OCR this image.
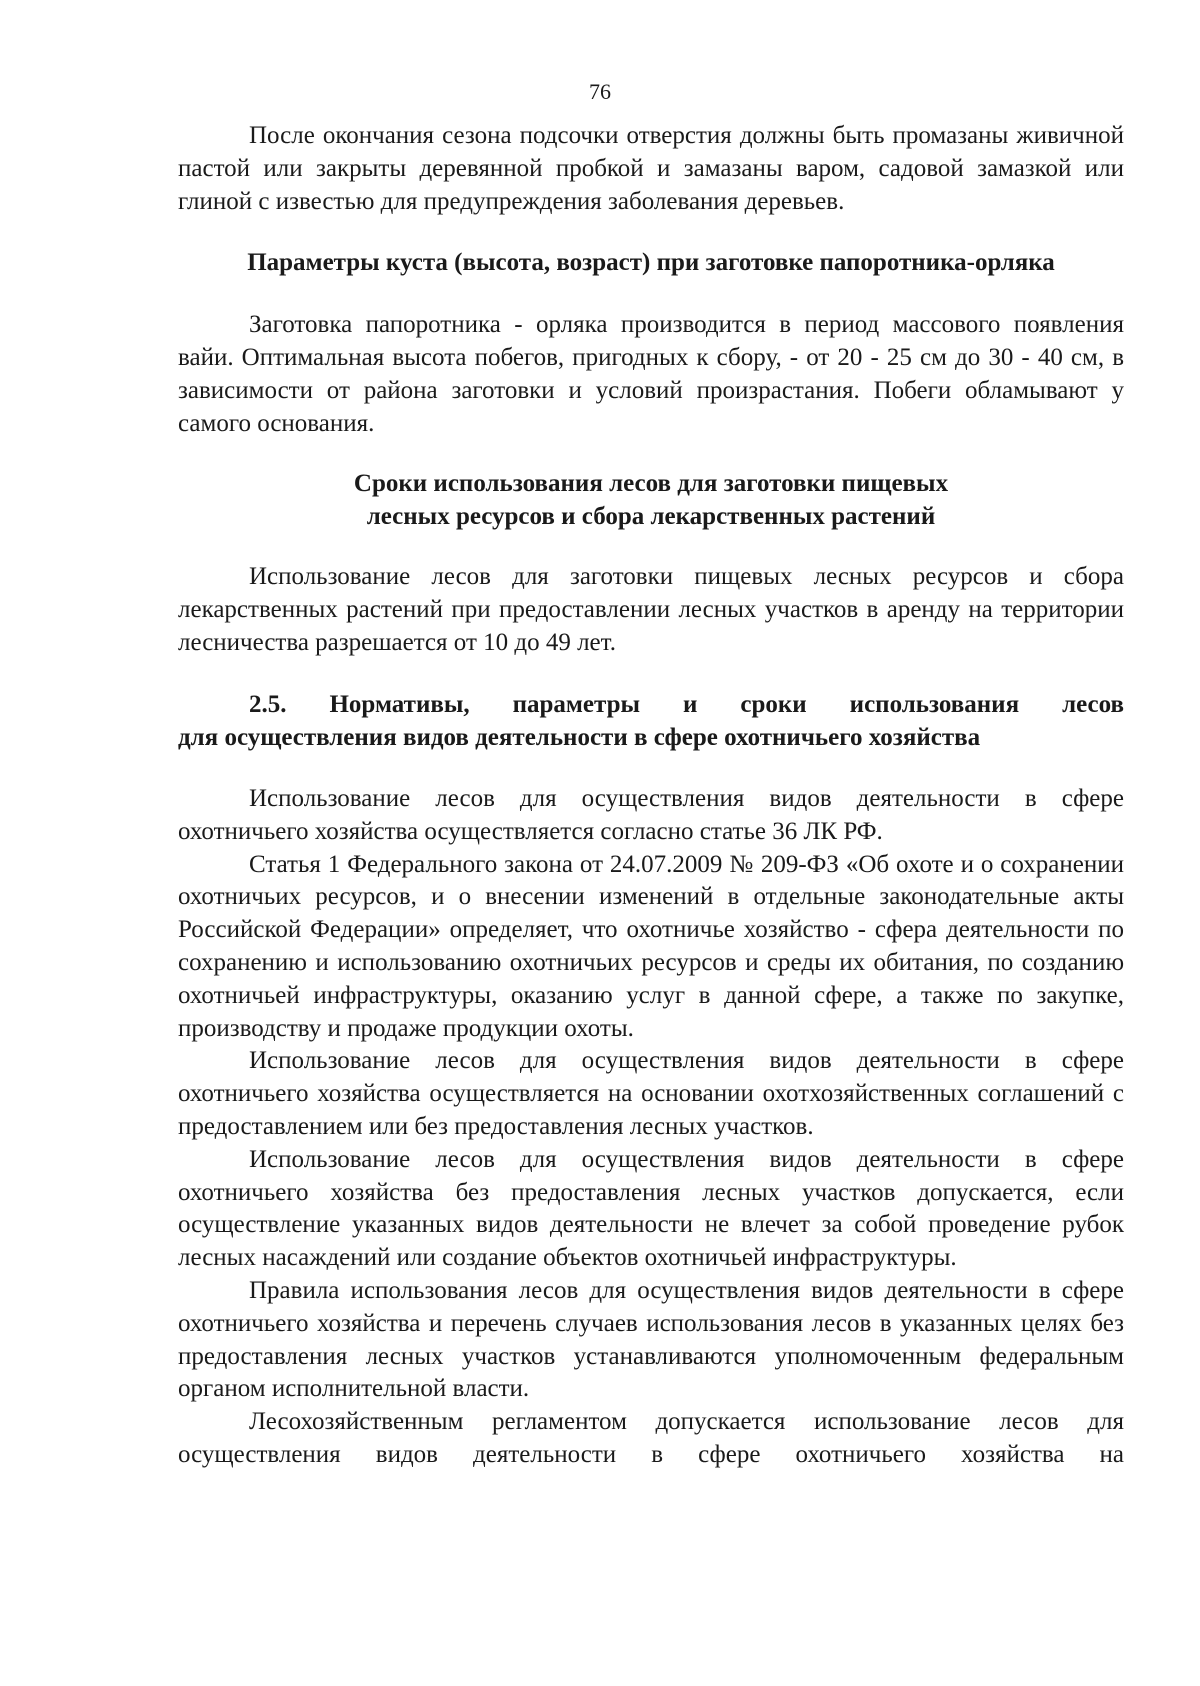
76

После окончания сезона подсочки отверстия должны быть промазаны живичной пастой или закрыты деревянной пробкой и замазаны варом, садовой замазкой или глиной с известью для предупреждения заболевания деревьев.

Параметры куста (высота, возраст) при заготовке папоротника-орляка

Заготовка папоротника - орляка производится в период массового появления вайи. Оптимальная высота побегов, пригодных к сбору, - от 20 - 25 см до 30 - 40 см, в зависимости от района заготовки и условий произрастания. Побеги обламывают у самого основания.

Сроки использования лесов для заготовки пищевых
лесных ресурсов и сбора лекарственных растений

Использование лесов для заготовки пищевых лесных ресурсов и сбора лекарственных растений при предоставлении лесных участков в аренду на территории лесничества разрешается от 10 до 49 лет.

2.5. Нормативы, параметры и сроки использования лесов
для осуществления видов деятельности в сфере охотничьего хозяйства

Использование лесов для осуществления видов деятельности в сфере охотничьего хозяйства осуществляется согласно статье 36 ЛК РФ.

Статья 1 Федерального закона от 24.07.2009 № 209-ФЗ «Об охоте и о сохранении охотничьих ресурсов, и о внесении изменений в отдельные законодательные акты Российской Федерации» определяет, что охотничье хозяйство - сфера деятельности по сохранению и использованию охотничьих ресурсов и среды их обитания, по созданию охотничьей инфраструктуры, оказанию услуг в данной сфере, а также по закупке, производству и продаже продукции охоты.

Использование лесов для осуществления видов деятельности в сфере охотничьего хозяйства осуществляется на основании охотхозяйственных соглашений с предоставлением или без предоставления лесных участков.

Использование лесов для осуществления видов деятельности в сфере охотничьего хозяйства без предоставления лесных участков допускается, если осуществление указанных видов деятельности не влечет за собой проведение рубок лесных насаждений или создание объектов охотничьей инфраструктуры.

Правила использования лесов для осуществления видов деятельности в сфере охотничьего хозяйства и перечень случаев использования лесов в указанных целях без предоставления лесных участков устанавливаются уполномоченным федеральным органом исполнительной власти.

Лесохозяйственным регламентом допускается использование лесов для осуществления видов деятельности в сфере охотничьего хозяйства на
